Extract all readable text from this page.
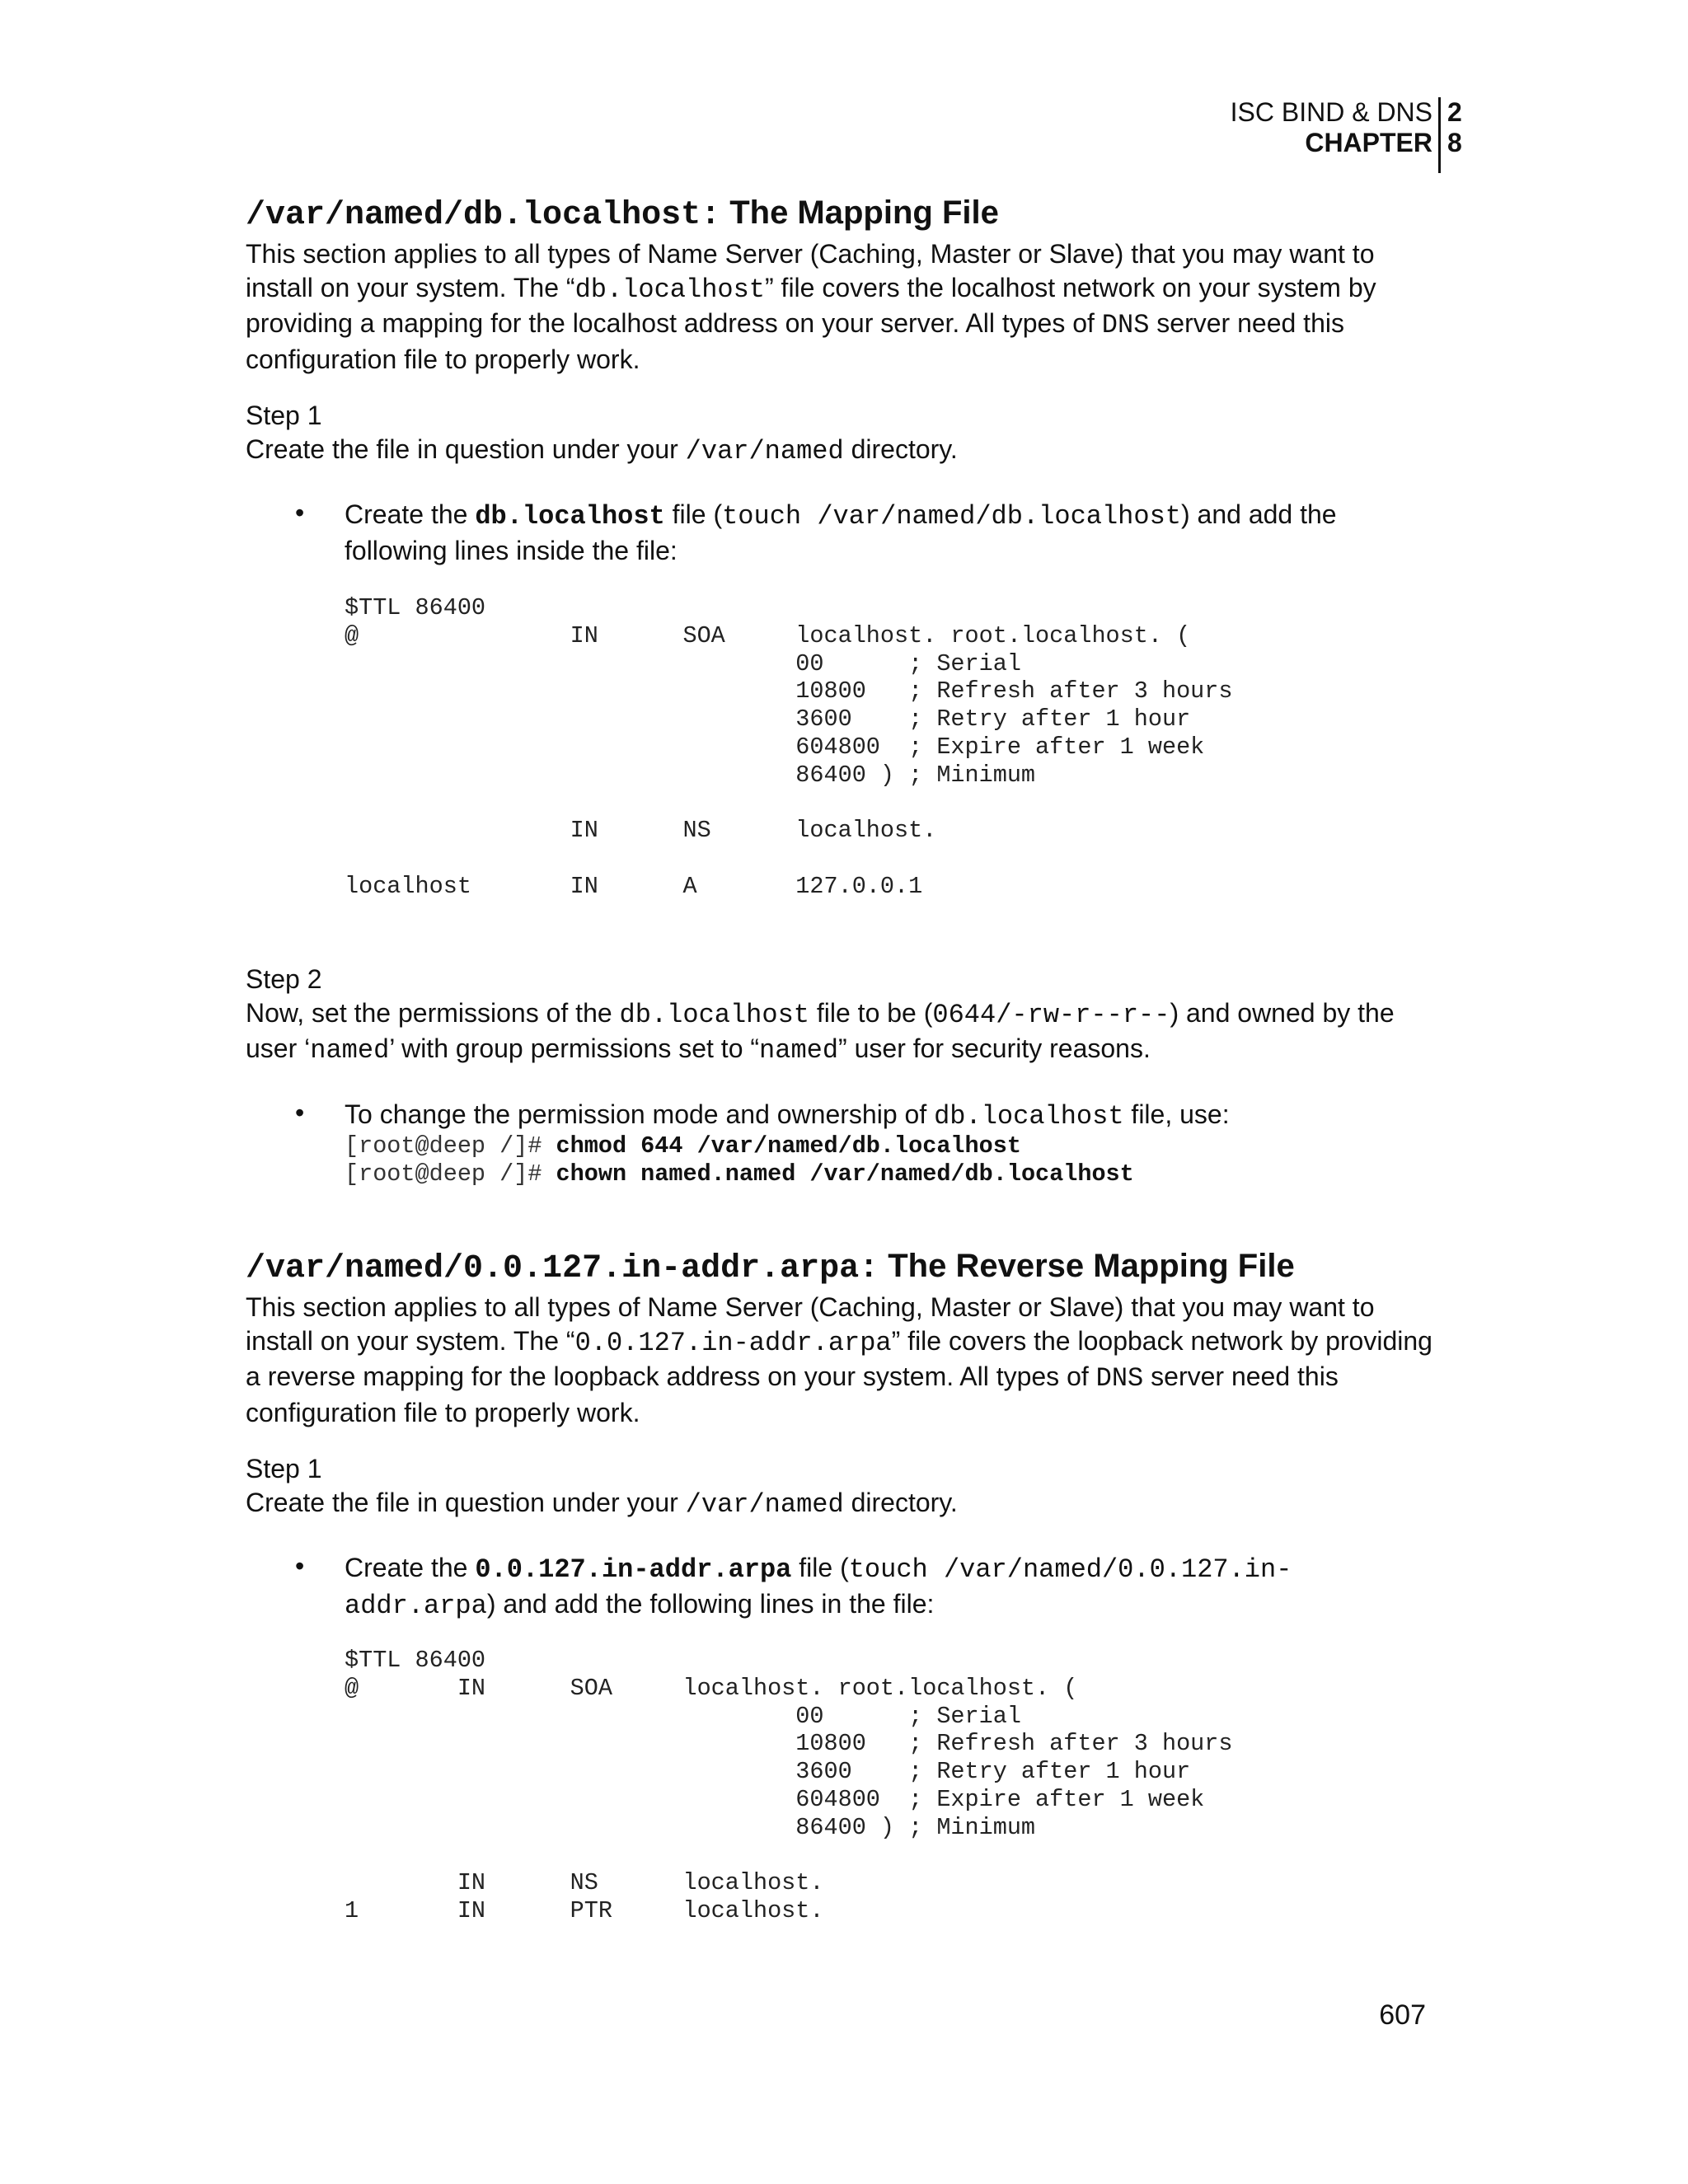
ISC BIND & DNS 2
CHAPTER 8
/var/named/db.localhost: The Mapping File
This section applies to all types of Name Server (Caching, Master or Slave) that you may want to install on your system. The “db.localhost” file covers the localhost network on your system by providing a mapping for the localhost address on your server. All types of DNS server need this configuration file to properly work.
Step 1
Create the file in question under your /var/named directory.
• Create the db.localhost file (touch /var/named/db.localhost) and add the following lines inside the file:
$TTL 86400
@               IN      SOA     localhost. root.localhost. (
00      ; Serial
10800   ; Refresh after 3 hours
3600    ; Retry after 1 hour
604800  ; Expire after 1 week
86400 ) ; Minimum

IN      NS      localhost.

localhost       IN      A       127.0.0.1
Step 2
Now, set the permissions of the db.localhost file to be (0644/-rw-r--r--) and owned by the user ‘named’ with group permissions set to “named” user for security reasons.
• To change the permission mode and ownership of db.localhost file, use:
[root@deep /]# chmod 644 /var/named/db.localhost
[root@deep /]# chown named.named /var/named/db.localhost
/var/named/0.0.127.in-addr.arpa: The Reverse Mapping File
This section applies to all types of Name Server (Caching, Master or Slave) that you may want to install on your system. The “0.0.127.in-addr.arpa” file covers the loopback network by providing a reverse mapping for the loopback address on your system. All types of DNS server need this configuration file to properly work.
Step 1
Create the file in question under your /var/named directory.
• Create the 0.0.127.in-addr.arpa file (touch /var/named/0.0.127.in-addr.arpa) and add the following lines in the file:
$TTL 86400
@       IN      SOA     localhost. root.localhost. (
00      ; Serial
10800   ; Refresh after 3 hours
3600    ; Retry after 1 hour
604800  ; Expire after 1 week
86400 ) ; Minimum

IN      NS      localhost.
1       IN      PTR     localhost.
607
